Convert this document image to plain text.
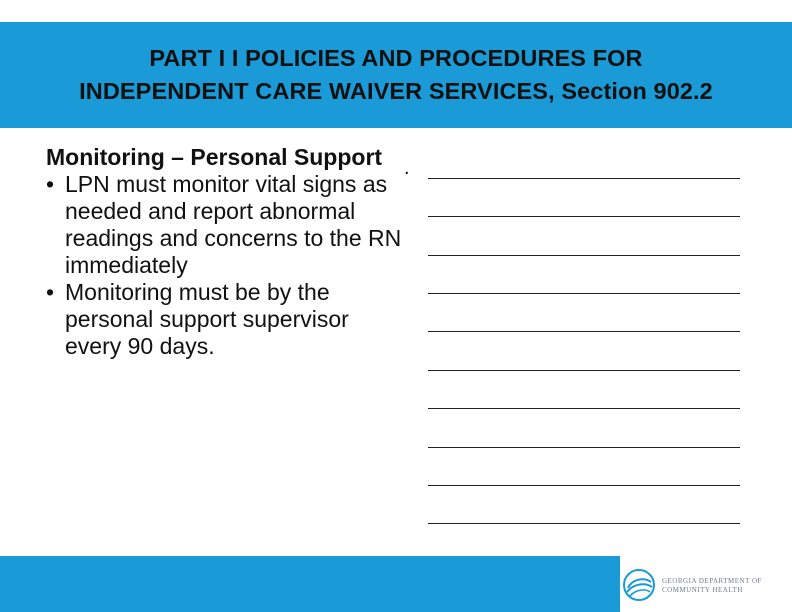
PART I I POLICIES AND PROCEDURES FOR
INDEPENDENT CARE WAIVER SERVICES, Section 902.2
Monitoring – Personal Support
• LPN must monitor vital signs as needed and report abnormal readings and concerns to the RN immediately
• Monitoring must be by the personal support supervisor every 90 days.
.
GEORGIA DEPARTMENT OF
COMMUNITY HEALTH
